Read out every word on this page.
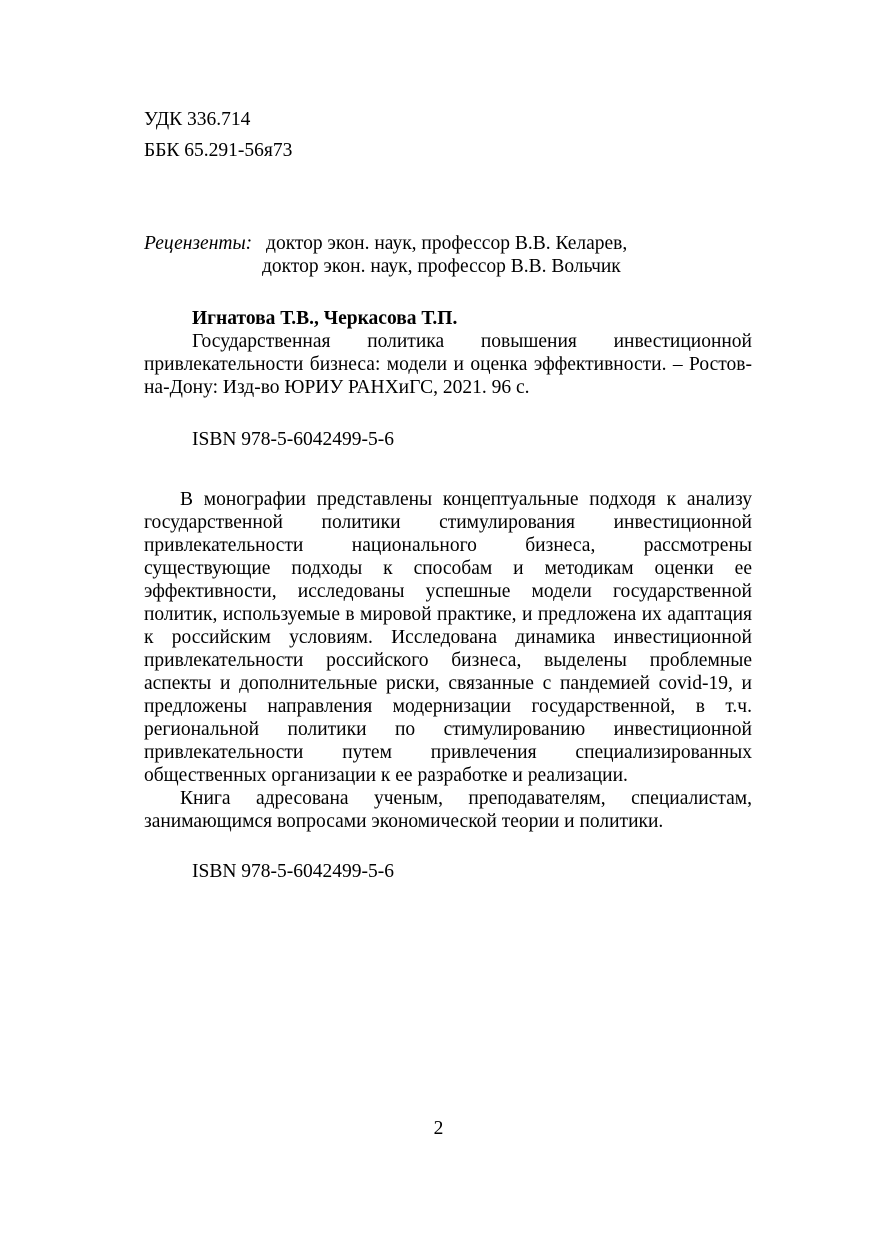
УДК 336.714
ББК 65.291-56я73
Рецензенты: доктор экон. наук, профессор В.В. Келарев,
доктор экон. наук, профессор В.В. Вольчик
Игнатова Т.В., Черкасова Т.П.

Государственная политика повышения инвестиционной привлекательности бизнеса: модели и оценка эффективности. – Ростов-на-Дону: Изд-во ЮРИУ РАНХиГС, 2021. 96 с.

ISBN 978-5-6042499-5-6

В монографии представлены концептуальные подходя к анализу государственной политики стимулирования инвестиционной привлекательности национального бизнеса, рассмотрены существующие подходы к способам и методикам оценки ее эффективности, исследованы успешные модели государственной политик, используемые в мировой практике, и предложена их адаптация к российским условиям. Исследована динамика инвестиционной привлекательности российского бизнеса, выделены проблемные аспекты и дополнительные риски, связанные с пандемией covid-19, и предложены направления модернизации государственной, в т.ч. региональной политики по стимулированию инвестиционной привлекательности путем привлечения специализированных общественных организации к ее разработке и реализации.

Книга адресована ученым, преподавателям, специалистам, занимающимся вопросами экономической теории и политики.

ISBN 978-5-6042499-5-6
2
